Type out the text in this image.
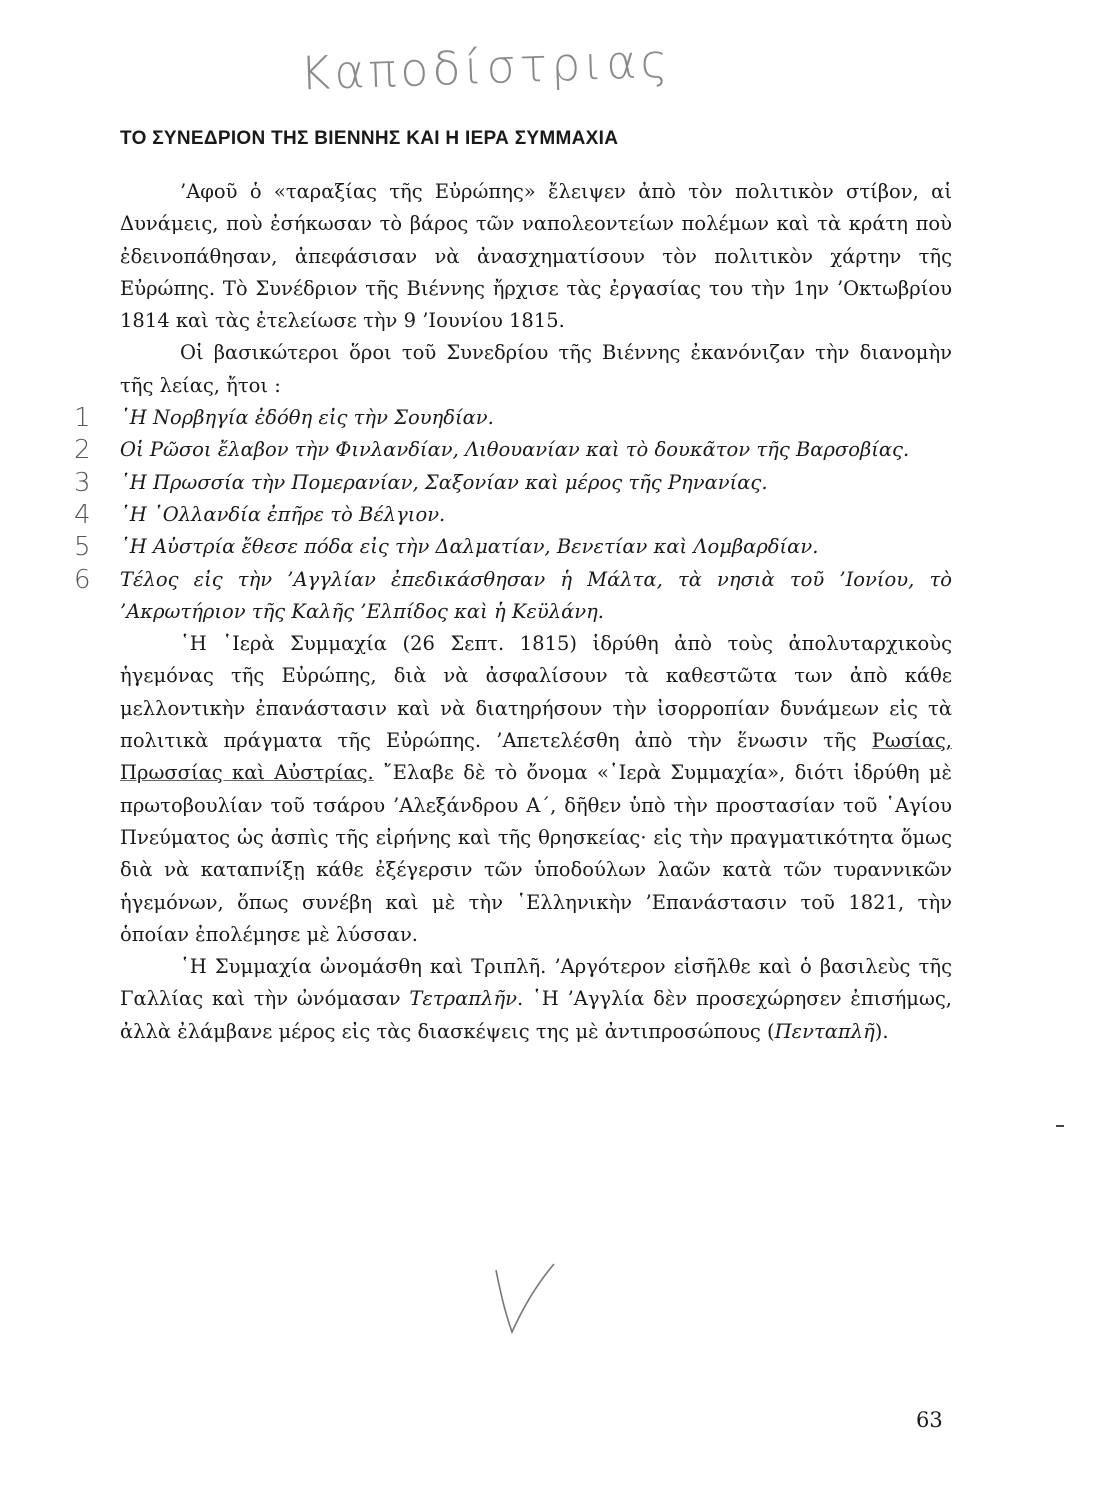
Καποδίστριας
ΤΟ ΣΥΝΕΔΡΙΟΝ ΤΗΣ ΒΙΕΝΝΗΣ ΚΑΙ Η ΙΕΡΑ ΣΥΜΜΑΧΙΑ

’Αφοῦ ὁ «ταραξίας τῆς Εὐρώπης» ἔλειψεν ἀπὸ τὸν πολιτικὸν στίβον, αἱ Δυνάμεις, ποὺ ἐσήκωσαν τὸ βάρος τῶν ναπολεοντείων πολέμων καὶ τὰ κράτη ποὺ ἐδεινοπάθησαν, ἀπεφάσισαν νὰ ἀνασχηματίσουν τὸν πολιτικὸν χάρτην τῆς Εὐρώπης. Τὸ Συνέδριον τῆς Βιέννης ἤρχισε τὰς ἐργασίας του τὴν 1ην ’Οκτωβρίου 1814 καὶ τὰς ἐτελείωσε τὴν 9 ’Ιουνίου 1815.

Οἱ βασικώτεροι ὅροι τοῦ Συνεδρίου τῆς Βιέννης ἐκανόνιζαν τὴν διανομὴν τῆς λείας, ἤτοι :

1 ῾Η Νορβηγία ἐδόθη εἰς τὴν Σουηδίαν.
2 Οἱ Ρῶσοι ἔλαβον τὴν Φινλανδίαν, Λιθουανίαν καὶ τὸ δουκᾶτον τῆς Βαρσοβίας.
3 ῾Η Πρωσσία τὴν Πομερανίαν, Σαξονίαν καὶ μέρος τῆς Ρηνανίας.
4 ῾Η ῾Ολλανδία ἐπῆρε τὸ Βέλγιον.
5 ῾Η Αὐστρία ἔθεσε πόδα εἰς τὴν Δαλματίαν, Βενετίαν καὶ Λομβαρδίαν.
6 Τέλος εἰς τὴν ’Αγγλίαν ἐπεδικάσθησαν ἡ Μάλτα, τὰ νησιὰ τοῦ ’Ιονίου, τὸ ’Ακρωτήριον τῆς Καλῆς ’Ελπίδος καὶ ἡ Κεϋλάνη.

῾Η ῾Ιερὰ Συμμαχία (26 Σεπτ. 1815) ἱδρύθη ἀπὸ τοὺς ἀπολυταρχικοὺς ἡγεμόνας τῆς Εὐρώπης, διὰ νὰ ἀσφαλίσουν τὰ καθεστῶτα των ἀπὸ κάθε μελλοντικὴν ἐπανάστασιν καὶ νὰ διατηρήσουν τὴν ἰσορροπίαν δυνάμεων εἰς τὰ πολιτικὰ πράγματα τῆς Εὐρώπης. ’Απετελέσθη ἀπὸ τὴν ἕνωσιν τῆς Ρωσίας, Πρωσσίας καὶ Αὐστρίας. ῎Ελαβε δὲ τὸ ὄνομα «῾Ιερὰ Συμμαχία», διότι ἱδρύθη μὲ πρωτοβουλίαν τοῦ τσάρου ’Αλεξάνδρου Α΄, δῆθεν ὑπὸ τὴν προστασίαν τοῦ ῾Αγίου Πνεύματος ὡς ἀσπὶς τῆς εἰρήνης καὶ τῆς θρησκείας· εἰς τὴν πραγματικότητα ὅμως διὰ νὰ καταπνίξῃ κάθε ἐξέγερσιν τῶν ὑποδούλων λαῶν κατὰ τῶν τυραννικῶν ἡγεμόνων, ὅπως συνέβη καὶ μὲ τὴν ῾Ελληνικὴν ’Επανάστασιν τοῦ 1821, τὴν ὁποίαν ἐπολέμησε μὲ λύσσαν.

῾Η Συμμαχία ὠνομάσθη καὶ Τριπλῆ. ’Αργότερον εἰσῆλθε καὶ ὁ βασιλεὺς τῆς Γαλλίας καὶ τὴν ὠνόμασαν Τετραπλῆν. ῾Η ’Αγγλία δὲν προσεχώρησεν ἐπισήμως, ἀλλὰ ἐλάμβανε μέρος εἰς τὰς διασκέψεις της μὲ ἀντιπροσώπους (Πενταπλῆ).

63
